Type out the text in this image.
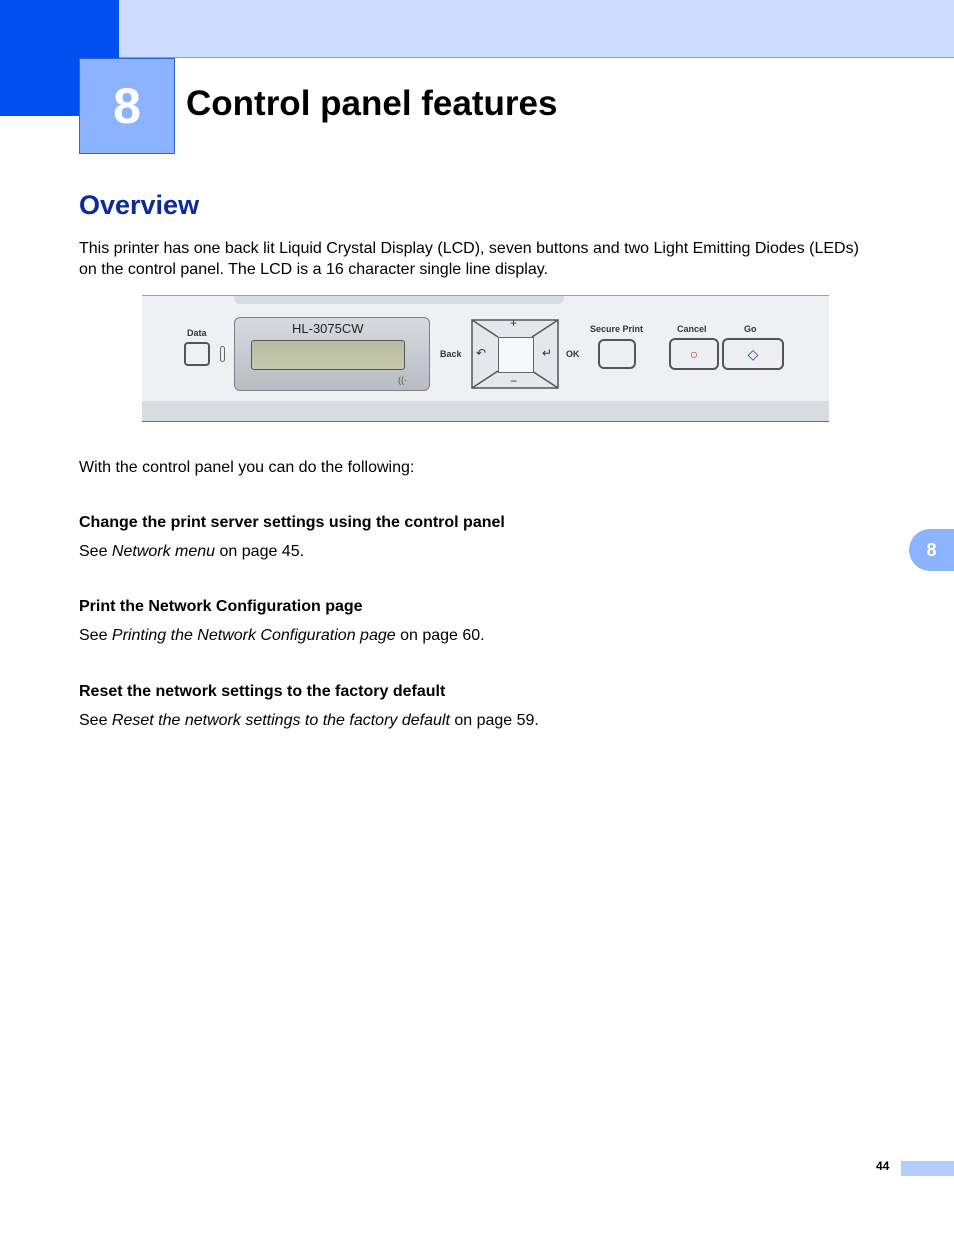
8	Control panel features
Overview

This printer has one back lit Liquid Crystal Display (LCD), seven buttons and two Light Emitting Diodes (LEDs) on the control panel. The LCD is a 16 character single line display.

Data	HL-3075CW
((·
Back
+
−
↶	↵ OK
Secure Print	Cancel	Go
○	◇

With the control panel you can do the following:

Change the print server settings using the control panel

See Network menu on page 45.

Print the Network Configuration page

See Printing the Network Configuration page on page 60.

Reset the network settings to the factory default

See Reset the network settings to the factory default on page 59.

8
44
